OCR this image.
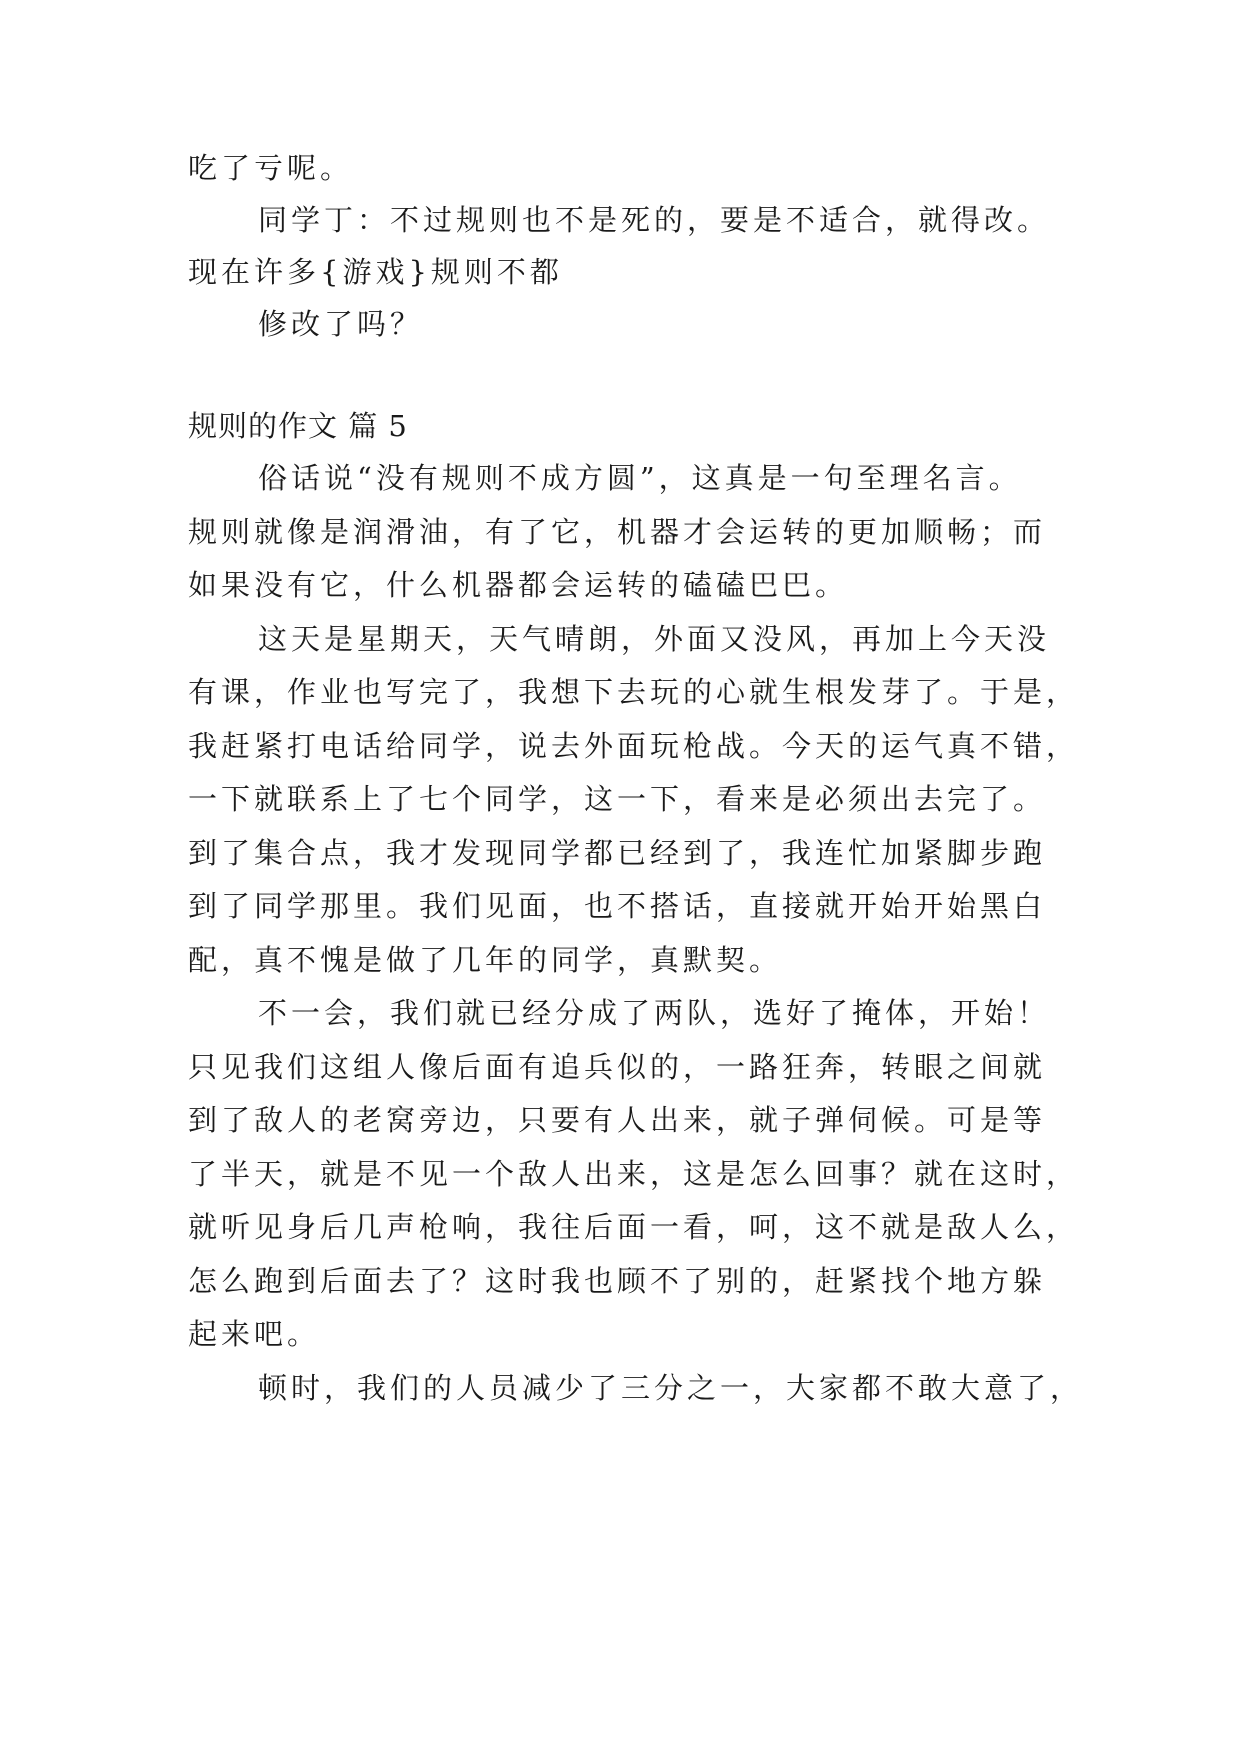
吃了亏呢。

同学丁：不过规则也不是死的，要是不适合，就得改。

现在许多{游戏}规则不都

修改了吗？

规则的作文 篇 5

俗话说“没有规则不成方圆”，这真是一句至理名言。

规则就像是润滑油，有了它，机器才会运转的更加顺畅；而

如果没有它，什么机器都会运转的磕磕巴巴。

这天是星期天，天气晴朗，外面又没风，再加上今天没

有课，作业也写完了，我想下去玩的心就生根发芽了。于是，

我赶紧打电话给同学，说去外面玩枪战。今天的运气真不错，

一下就联系上了七个同学，这一下，看来是必须出去完了。

到了集合点，我才发现同学都已经到了，我连忙加紧脚步跑

到了同学那里。我们见面，也不搭话，直接就开始开始黑白

配，真不愧是做了几年的同学，真默契。

不一会，我们就已经分成了两队，选好了掩体，开始！

只见我们这组人像后面有追兵似的，一路狂奔，转眼之间就

到了敌人的老窝旁边，只要有人出来，就子弹伺候。可是等

了半天，就是不见一个敌人出来，这是怎么回事？就在这时，

就听见身后几声枪响，我往后面一看，呵，这不就是敌人么，

怎么跑到后面去了？这时我也顾不了别的，赶紧找个地方躲

起来吧。

顿时，我们的人员减少了三分之一，大家都不敢大意了，
